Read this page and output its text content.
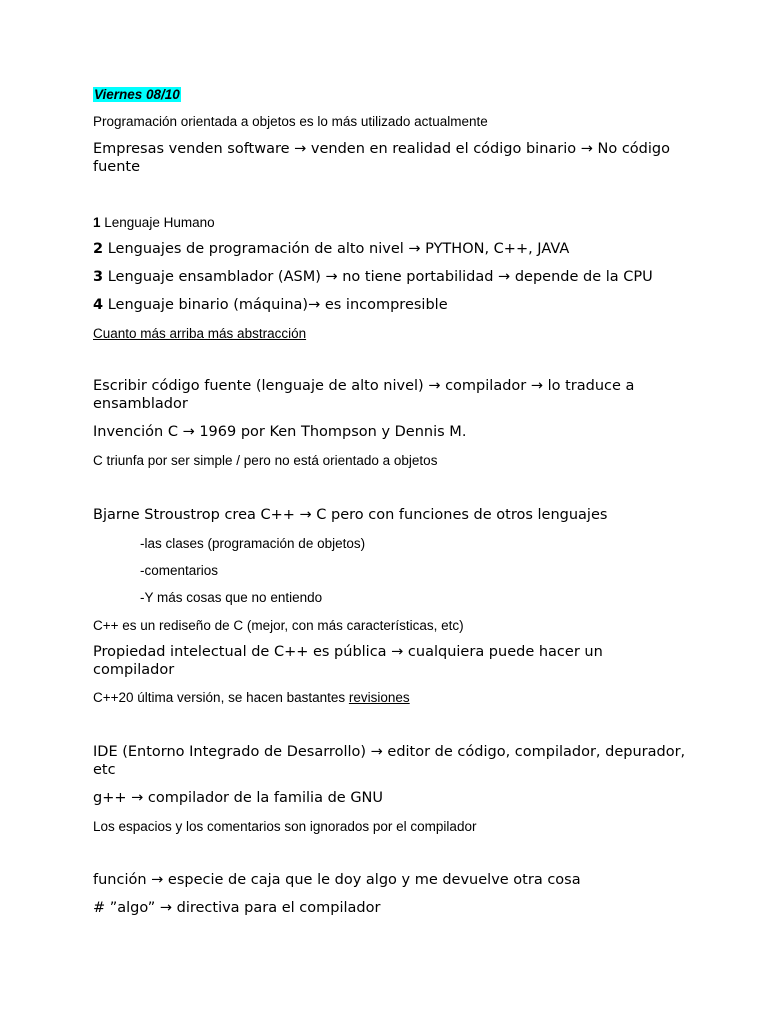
Viernes 08/10
Programación orientada a objetos es lo más utilizado actualmente
Empresas venden software → venden en realidad el código binario → No código
fuente
1 Lenguaje Humano
2 Lenguajes de programación de alto nivel → PYTHON, C++, JAVA
3 Lenguaje ensamblador (ASM) → no tiene portabilidad → depende de la CPU
4 Lenguaje binario (máquina)→ es incompresible
Cuanto más arriba más abstracción
Escribir código fuente (lenguaje de alto nivel) → compilador → lo traduce a
ensamblador
Invención C → 1969 por Ken Thompson y Dennis M.
C triunfa por ser simple / pero no está orientado a objetos
Bjarne Stroustrop crea C++ → C pero con funciones de otros lenguajes
-las clases (programación de objetos)
-comentarios
-Y más cosas que no entiendo
C++ es un rediseño de C (mejor, con más características, etc)
Propiedad intelectual de C++ es pública → cualquiera puede hacer un
compilador
C++20 última versión, se hacen bastantes revisiones
IDE (Entorno Integrado de Desarrollo) → editor de código, compilador, depurador,
etc
g++ → compilador de la familia de GNU
Los espacios y los comentarios son ignorados por el compilador
función → especie de caja que le doy algo y me devuelve otra cosa
# ”algo” → directiva para el compilador
